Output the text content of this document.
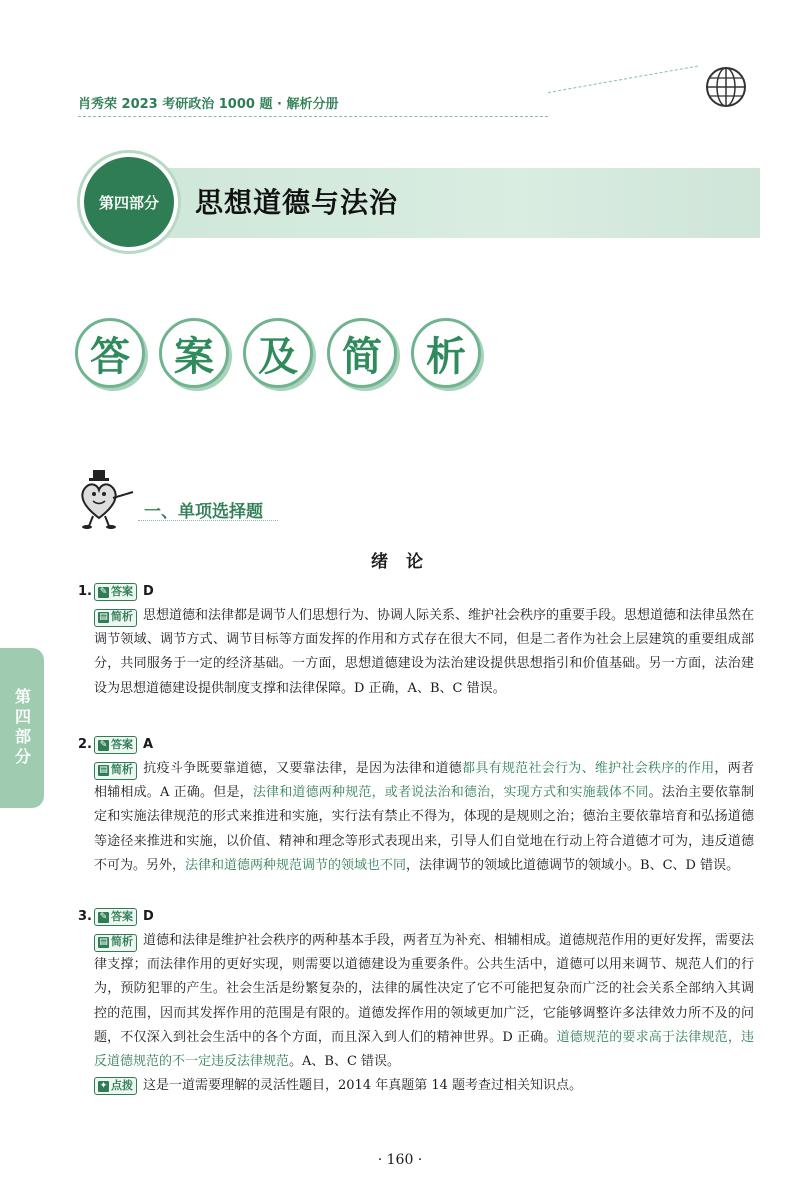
肖秀荣 2023 考研政治 1000 题 · 解析分册
思想道德与法治
第四部分
答	案	及	简	析
一、单项选择题
绪 论
第四部分
1. ✎ 答案 D
▤ 简析 思想道德和法律都是调节人们思想行为、协调人际关系、维护社会秩序的重要手段。思想道德和法律虽然在调节领域、调节方式、调节目标等方面发挥的作用和方式存在很大不同，但是二者作为社会上层建筑的重要组成部分，共同服务于一定的经济基础。一方面，思想道德建设为法治建设提供思想指引和价值基础。另一方面，法治建设为思想道德建设提供制度支撑和法律保障。D 正确，A、B、C 错误。
2. ✎ 答案 A
▤ 简析 抗疫斗争既要靠道德，又要靠法律，是因为法律和道德都具有规范社会行为、维护社会秩序的作用，两者相辅相成。A 正确。但是，法律和道德两种规范，或者说法治和德治，实现方式和实施载体不同。法治主要依靠制定和实施法律规范的形式来推进和实施，实行法有禁止不得为，体现的是规则之治；德治主要依靠培育和弘扬道德等途径来推进和实施，以价值、精神和理念等形式表现出来，引导人们自觉地在行动上符合道德才可为，违反道德不可为。另外，法律和道德两种规范调节的领域也不同，法律调节的领域比道德调节的领域小。B、C、D 错误。
3. ✎ 答案 D
▤ 简析 道德和法律是维护社会秩序的两种基本手段，两者互为补充、相辅相成。道德规范作用的更好发挥，需要法律支撑；而法律作用的更好实现，则需要以道德建设为重要条件。公共生活中，道德可以用来调节、规范人们的行为，预防犯罪的产生。社会生活是纷繁复杂的，法律的属性决定了它不可能把复杂而广泛的社会关系全部纳入其调控的范围，因而其发挥作用的范围是有限的。道德发挥作用的领域更加广泛，它能够调整许多法律效力所不及的问题，不仅深入到社会生活中的各个方面，而且深入到人们的精神世界。D 正确。道德规范的要求高于法律规范，违反道德规范的不一定违反法律规范。A、B、C 错误。
✦ 点拨 这是一道需要理解的灵活性题目，2014 年真题第 14 题考查过相关知识点。
· 160 ·
